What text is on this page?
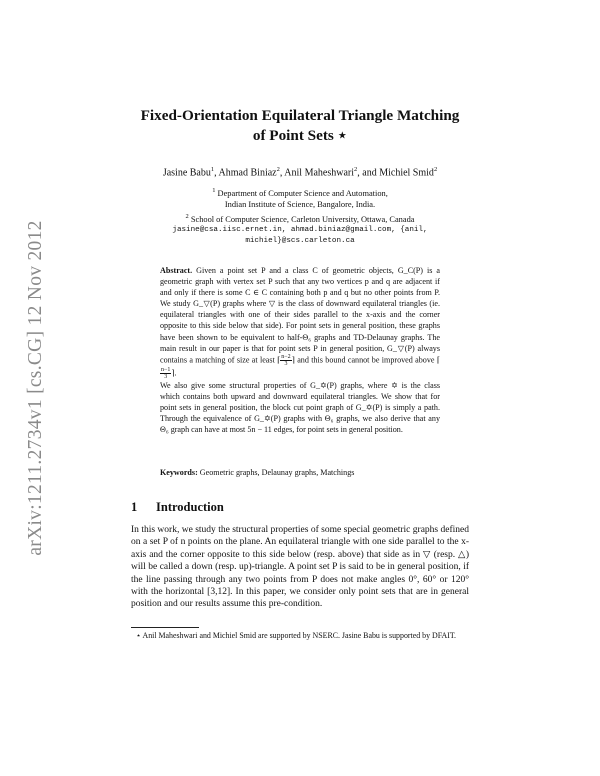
arXiv:1211.2734v1 [cs.CG] 12 Nov 2012
Fixed-Orientation Equilateral Triangle Matching
of Point Sets ⋆
Jasine Babu$^1$, Ahmad Biniaz$^2$, Anil Maheshwari$^2$, and Michiel Smid$^2$
$^1$ Department of Computer Science and Automation,
Indian Institute of Science, Bangalore, India.
$^2$ School of Computer Science, Carleton University, Ottawa, Canada
jasine@csa.iisc.ernet.in, ahmad.biniaz@gmail.com, {anil,
michiel}@scs.carleton.ca

Abstract. Given a point set P and a class C of geometric objects, G_C(P) is a geometric graph with vertex set P such that any two vertices p and q are adjacent if and only if there is some C ∈ C containing both p and q but no other points from P. We study G_▽(P) graphs where ▽ is the class of downward equilateral triangles (ie. equilateral triangles with one of their sides parallel to the x-axis and the corner opposite to this side below that side). For point sets in general position, these graphs have been shown to be equivalent to half-Θ₆ graphs and TD-Delaunay graphs. The main result in our paper is that for point sets P in general position, G_▽(P) always contains a matching of size at least ⌈ $\frac{n-2}{3}$ ⌉ and this bound cannot be improved above ⌈
$\frac{n-1}{3}$ ⌉.

We also give some structural properties of G_✡(P) graphs, where ✡ is the class which contains both upward and downward equilateral triangles. We show that for point sets in general position, the block cut point graph of G_✡(P) is simply a path. Through the equivalence of G_✡(P) graphs with Θ₆ graphs, we also derive that any Θ₆ graph can have at most 5n − 11 edges, for point sets in general position.

Keywords: Geometric graphs, Delaunay graphs, Matchings
1 Introduction

In this work, we study the structural properties of some special geometric graphs defined on a set P of n points on the plane. An equilateral triangle with one side parallel to the x-axis and the corner opposite to this side below (resp. above) that side as in ▽ (resp. △) will be called a down (resp. up)-triangle. A point set P is said to be in general position, if the line passing through any two points from P does not make angles 0°, 60° or 120° with the horizontal [3,12]. In this paper, we consider only point sets that are in general position and our results assume this pre-condition.

⋆ Anil Maheshwari and Michiel Smid are supported by NSERC. Jasine Babu is supported by DFAIT.
